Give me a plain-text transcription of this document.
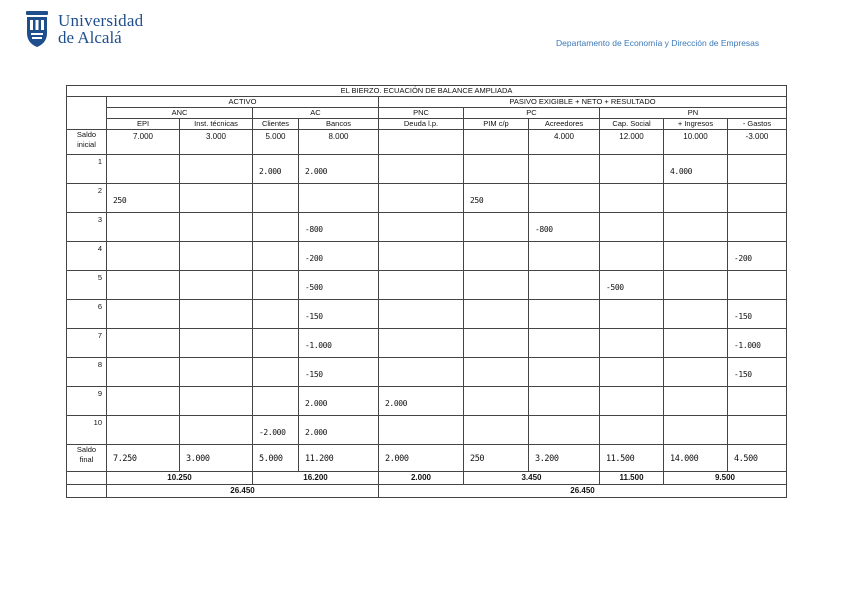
Universidad
de Alcalá	Departamento de Economía y Dirección de Empresas
EL BIERZO. ECUACIÓN DE BALANCE AMPLIADA										
	ACTIVO				PASIVO EXIGIBLE + NETO + RESULTADO					
	ANC		AC		PNC	PC		PN		
	EPI	Inst. técnicas	Clientes	Bancos	Deuda l.p.	PIM c/p	Acreedores	Cap. Social	+ Ingresos	- Gastos
Saldo
inicial	7.000	3.000	5.000	8.000			4.000	12.000	10.000	-3.000

1			2.000	2.000					4.000	

2	250					250				

3				-800			-800			

4				-200						-200

5				-500				-500		

6				-150						-150

7				-1.000						-1.000

8				-150						-150

9				2.000	2.000					

10			-2.000	2.000						

Saldo
final	7.250	3.000	5.000	11.200	2.000	250	3.200	11.500	14.000	4.500

	10.250		16.200		2.000	3.450		11.500	9.500	
	26.450				26.450					
